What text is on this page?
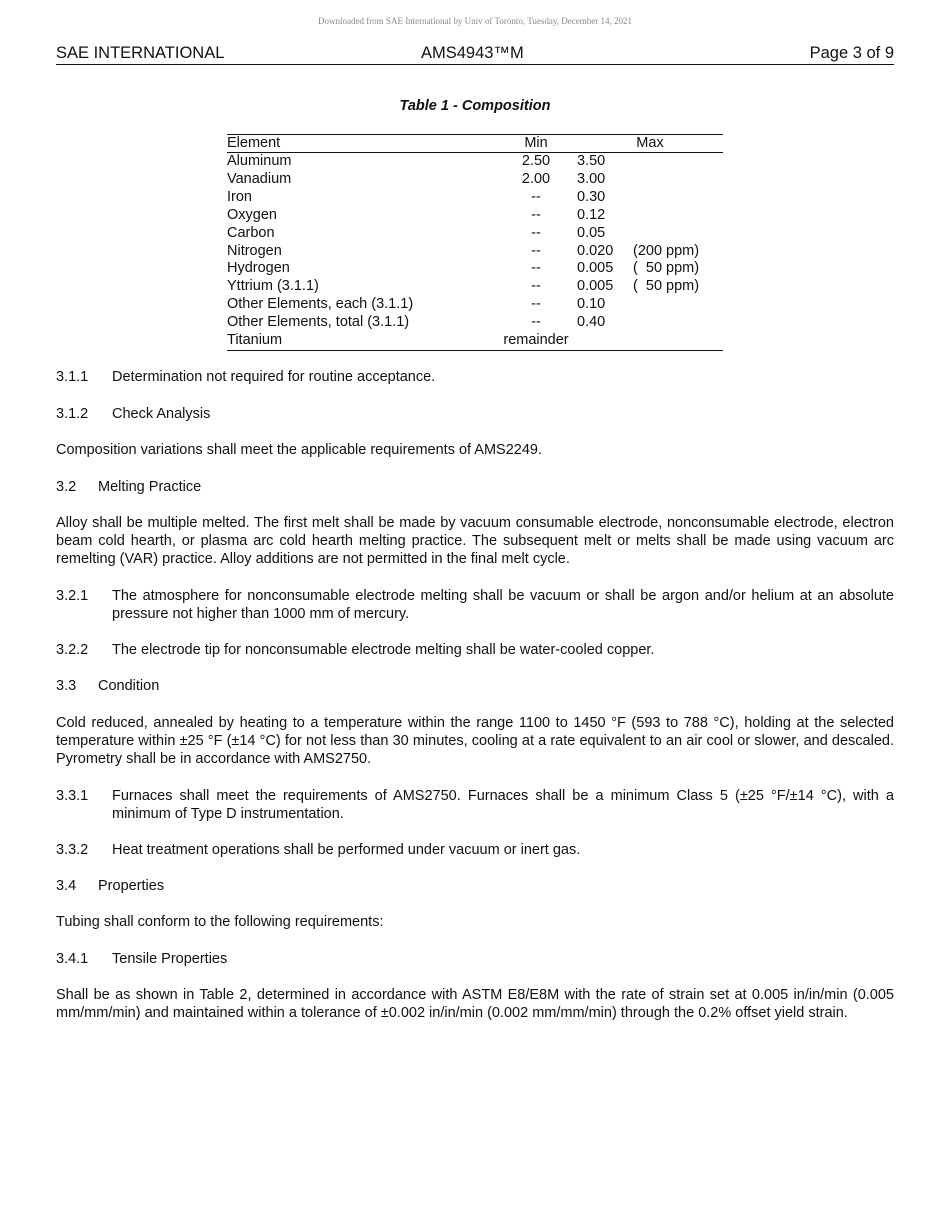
Downloaded from SAE International by Univ of Toronto, Tuesday, December 14, 2021
SAE INTERNATIONAL	AMS4943™M	Page 3 of 9
Table 1 - Composition
Element	Min	Max	
Aluminum	2.50	3.50	
Vanadium	2.00	3.00	
Iron	--	0.30	
Oxygen	--	0.12	
Carbon	--	0.05	
Nitrogen	--	0.020	(200 ppm)
Hydrogen	--	0.005	(  50 ppm)
Yttrium (3.1.1)	--	0.005	(  50 ppm)
Other Elements, each (3.1.1)	--	0.10	
Other Elements, total (3.1.1)	--	0.40	
Titanium	remainder		
3.1.1	Determination not required for routine acceptance.
3.1.2	Check Analysis
Composition variations shall meet the applicable requirements of AMS2249.
3.2	Melting Practice
Alloy shall be multiple melted. The first melt shall be made by vacuum consumable electrode, nonconsumable electrode, electron beam cold hearth, or plasma arc cold hearth melting practice. The subsequent melt or melts shall be made using vacuum arc remelting (VAR) practice. Alloy additions are not permitted in the final melt cycle.
3.2.1	The atmosphere for nonconsumable electrode melting shall be vacuum or shall be argon and/or helium at an absolute pressure not higher than 1000 mm of mercury.
3.2.2	The electrode tip for nonconsumable electrode melting shall be water-cooled copper.
3.3	Condition
Cold reduced, annealed by heating to a temperature within the range 1100 to 1450 °F (593 to 788 °C), holding at the selected temperature within ±25 °F (±14 °C) for not less than 30 minutes, cooling at a rate equivalent to an air cool or slower, and descaled. Pyrometry shall be in accordance with AMS2750.
3.3.1	Furnaces shall meet the requirements of AMS2750. Furnaces shall be a minimum Class 5 (±25 °F/±14 °C), with a minimum of Type D instrumentation.
3.3.2	Heat treatment operations shall be performed under vacuum or inert gas.
3.4	Properties
Tubing shall conform to the following requirements:
3.4.1	Tensile Properties
Shall be as shown in Table 2, determined in accordance with ASTM E8/E8M with the rate of strain set at 0.005 in/in/min (0.005 mm/mm/min) and maintained within a tolerance of ±0.002 in/in/min (0.002 mm/mm/min) through the 0.2% offset yield strain.
